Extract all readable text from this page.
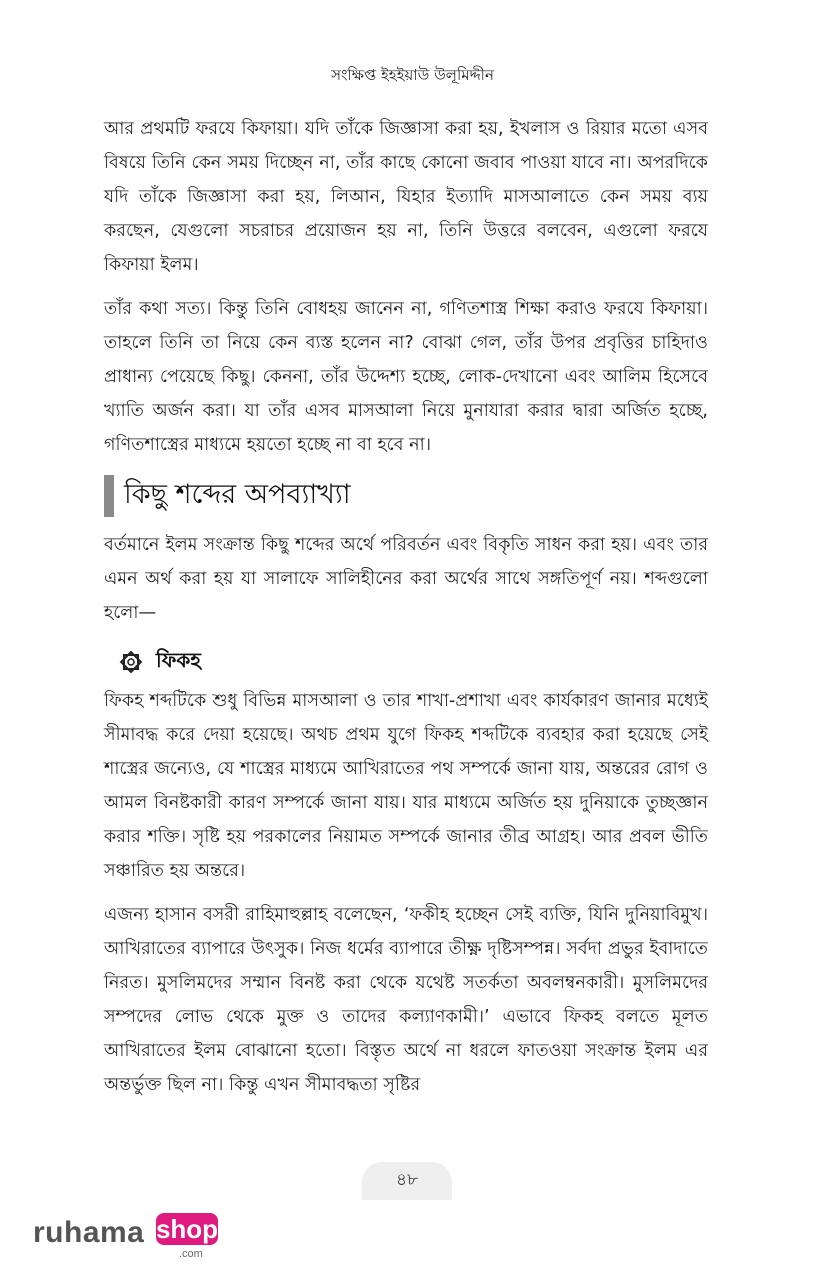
সংক্ষিপ্ত ইহইয়াউ উলূমিদ্দীন

আর প্রথমটি ফরযে কিফায়া। যদি তাঁকে জিজ্ঞাসা করা হয়, ইখলাস ও রিয়ার মতো এসব বিষয়ে তিনি কেন সময় দিচ্ছেন না, তাঁর কাছে কোনো জবাব পাওয়া যাবে না। অপরদিকে যদি তাঁকে জিজ্ঞাসা করা হয়, লিআন, যিহার ইত্যাদি মাসআলাতে কেন সময় ব্যয় করছেন, যেগুলো সচরাচর প্রয়োজন হয় না, তিনি উত্তরে বলবেন, এগুলো ফরযে কিফায়া ইলম।

তাঁর কথা সত্য। কিন্তু তিনি বোধহয় জানেন না, গণিতশাস্ত্র শিক্ষা করাও ফরযে কিফায়া। তাহলে তিনি তা নিয়ে কেন ব্যস্ত হলেন না? বোঝা গেল, তাঁর উপর প্রবৃত্তির চাহিদাও প্রাধান্য পেয়েছে কিছু। কেননা, তাঁর উদ্দেশ্য হচ্ছে, লোক-দেখানো এবং আলিম হিসেবে খ্যাতি অর্জন করা। যা তাঁর এসব মাসআলা নিয়ে মুনাযারা করার দ্বারা অর্জিত হচ্ছে, গণিতশাস্ত্রের মাধ্যমে হয়তো হচ্ছে না বা হবে না।

কিছু শব্দের অপব্যাখ্যা

বর্তমানে ইলম সংক্রান্ত কিছু শব্দের অর্থে পরিবর্তন এবং বিকৃতি সাধন করা হয়। এবং তার এমন অর্থ করা হয় যা সালাফে সালিহীনের করা অর্থের সাথে সঙ্গতিপূর্ণ নয়। শব্দগুলো হলো—

ফিকহ

ফিকহ শব্দটিকে শুধু বিভিন্ন মাসআলা ও তার শাখা-প্রশাখা এবং কার্যকারণ জানার মধ্যেই সীমাবদ্ধ করে দেয়া হয়েছে। অথচ প্রথম যুগে ফিকহ শব্দটিকে ব্যবহার করা হয়েছে সেই শাস্ত্রের জন্যেও, যে শাস্ত্রের মাধ্যমে আখিরাতের পথ সম্পর্কে জানা যায়, অন্তরের রোগ ও আমল বিনষ্টকারী কারণ সম্পর্কে জানা যায়। যার মাধ্যমে অর্জিত হয় দুনিয়াকে তুচ্ছজ্ঞান করার শক্তি। সৃষ্টি হয় পরকালের নিয়ামত সম্পর্কে জানার তীব্র আগ্রহ। আর প্রবল ভীতি সঞ্চারিত হয় অন্তরে।

এজন্য হাসান বসরী রাহিমাহুল্লাহ বলেছেন, ‘ফকীহ হচ্ছেন সেই ব্যক্তি, যিনি দুনিয়াবিমুখ। আখিরাতের ব্যাপারে উৎসুক। নিজ ধর্মের ব্যাপারে তীক্ষ্ণ দৃষ্টিসম্পন্ন। সর্বদা প্রভুর ইবাদাতে নিরত। মুসলিমদের সম্মান বিনষ্ট করা থেকে যথেষ্ট সতর্কতা অবলম্বনকারী। মুসলিমদের সম্পদের লোভ থেকে মুক্ত ও তাদের কল্যাণকামী।’ এভাবে ফিকহ বলতে মূলত আখিরাতের ইলম বোঝানো হতো। বিস্তৃত অর্থে না ধরলে ফাতওয়া সংক্রান্ত ইলম এর অন্তর্ভুক্ত ছিল না। কিন্তু এখন সীমাবদ্ধতা সৃষ্টির

৪৮
ruhama shop
.com
